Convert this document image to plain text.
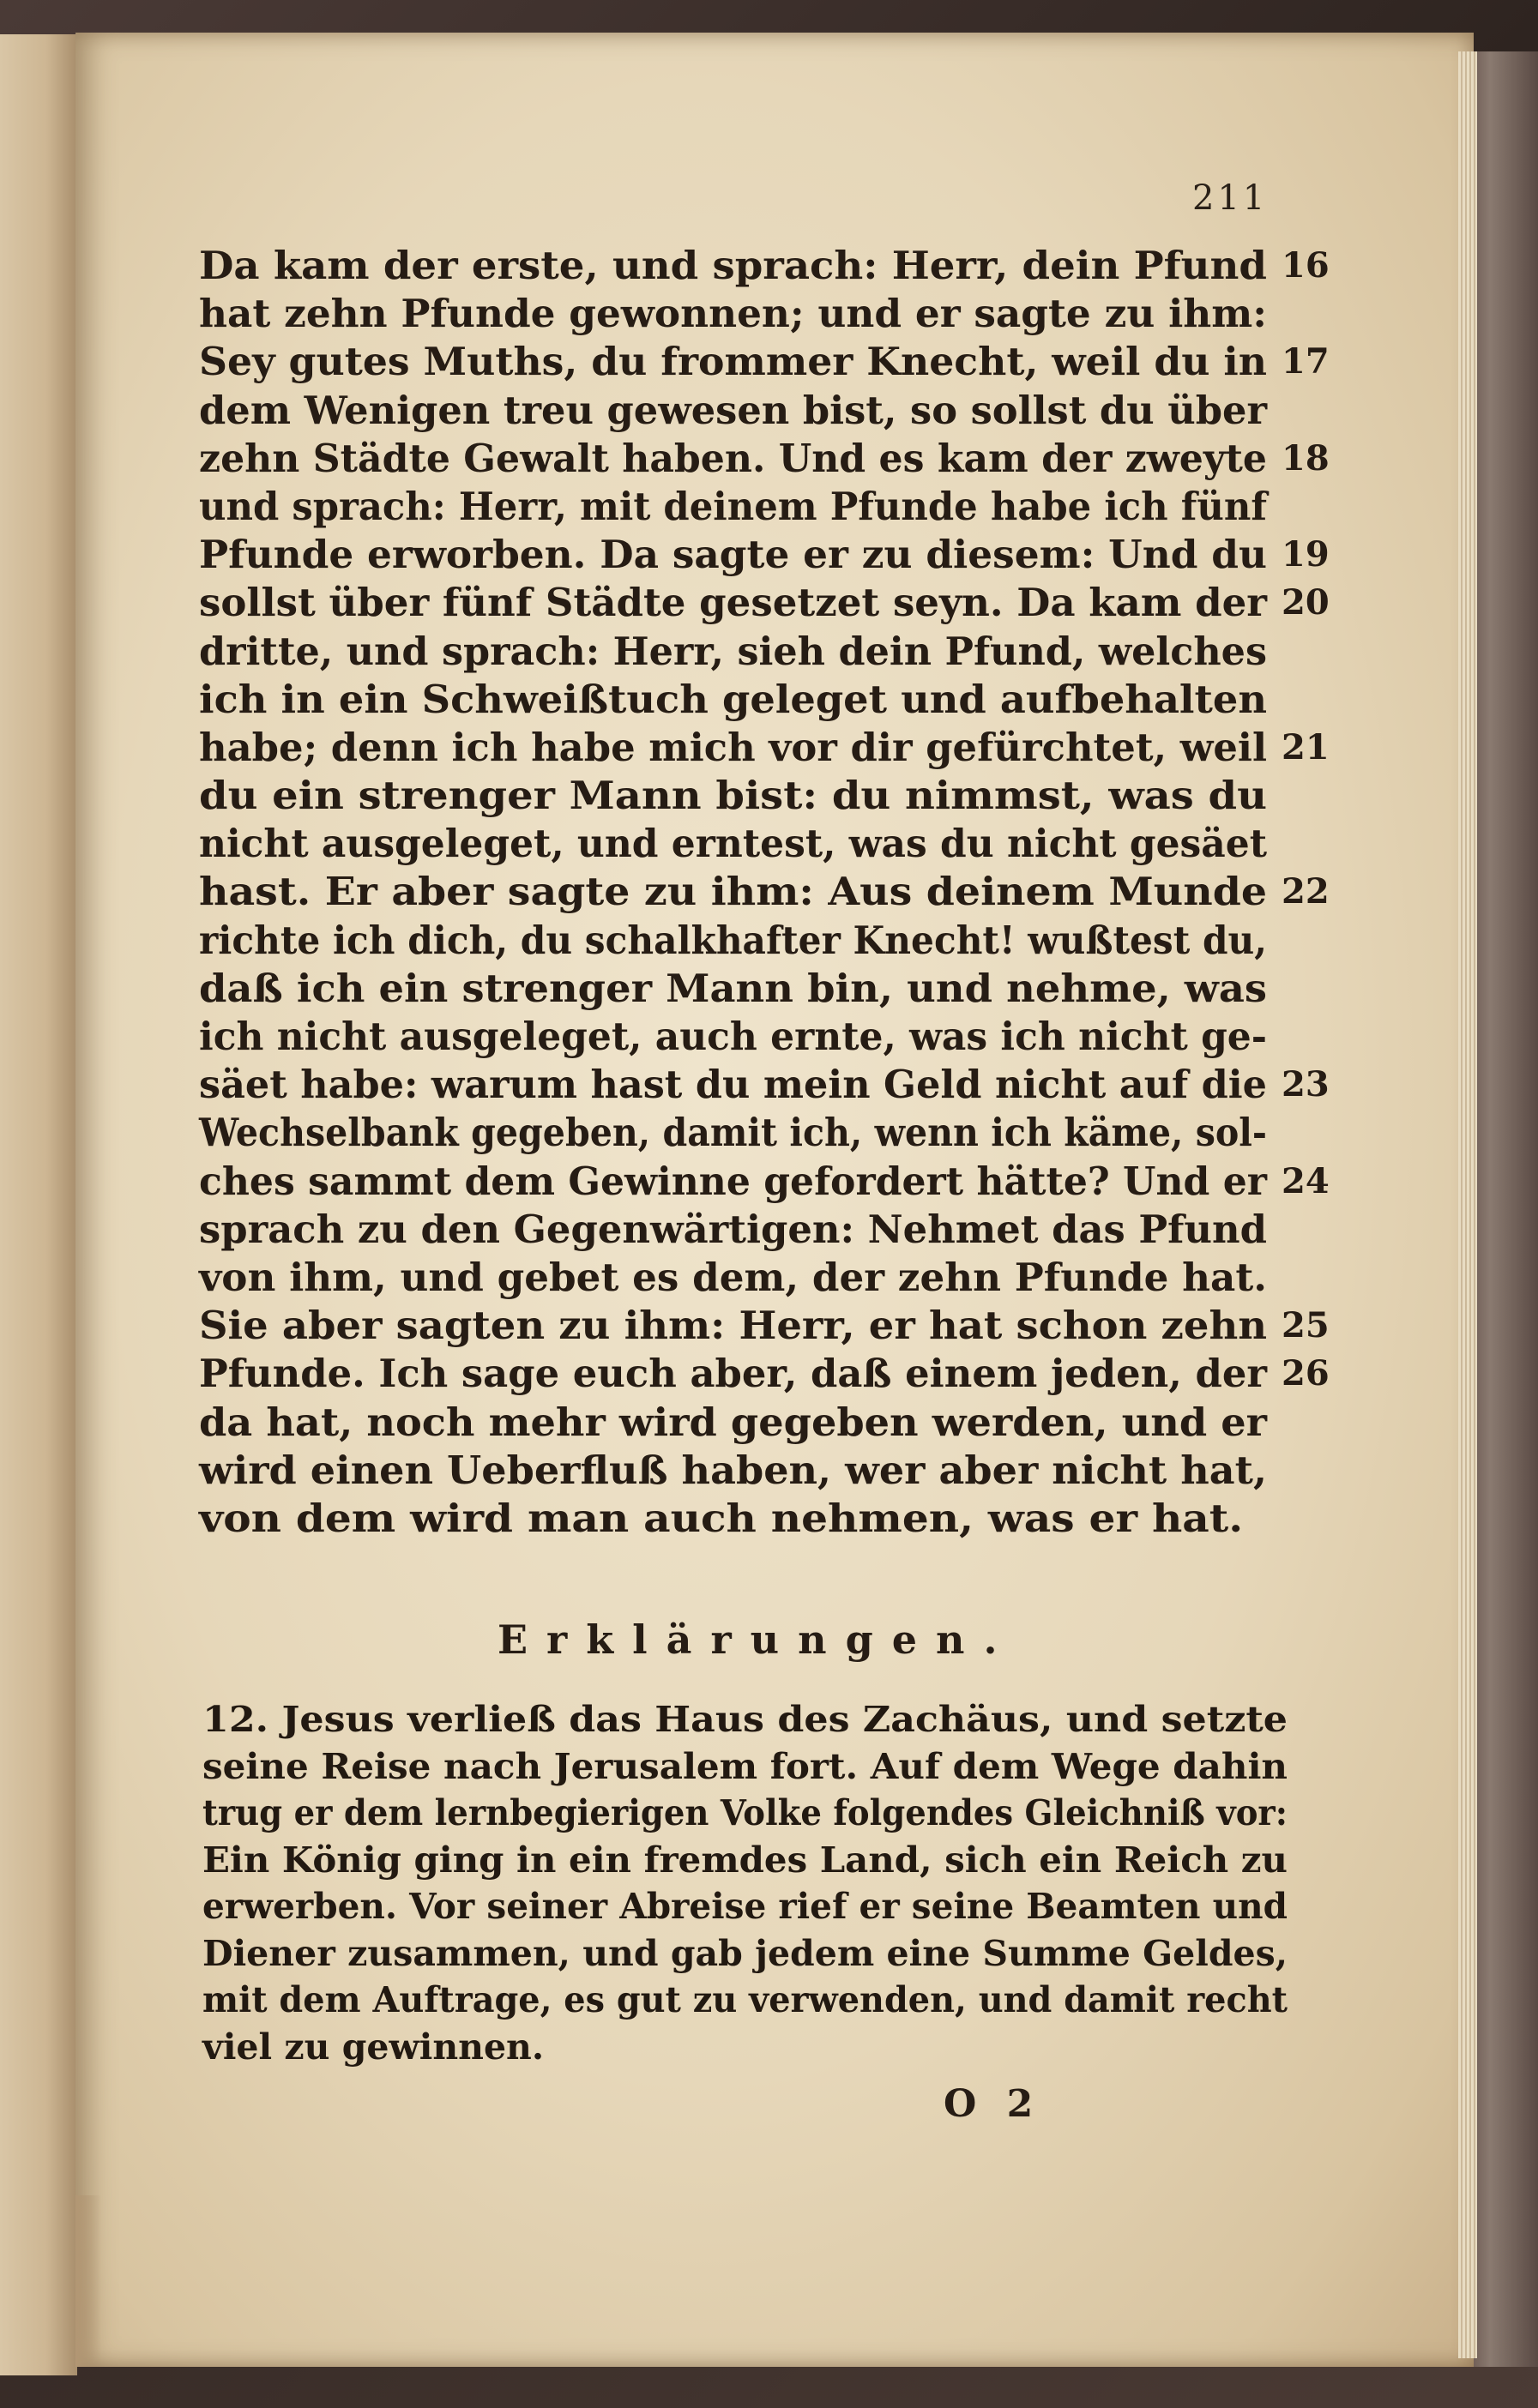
211
Da kam der erste, und sprach: Herr, dein Pfund 16
hat zehn Pfunde gewonnen; und er sagte zu ihm:
Sey gutes Muths, du frommer Knecht, weil du in 17
dem Wenigen treu gewesen bist, so sollst du über
zehn Städte Gewalt haben. Und es kam der zweyte 18
und sprach: Herr, mit deinem Pfunde habe ich fünf
Pfunde erworben. Da sagte er zu diesem: Und du 19
sollst über fünf Städte gesetzet seyn. Da kam der 20
dritte, und sprach: Herr, sieh dein Pfund, welches
ich in ein Schweißtuch geleget und aufbehalten
habe; denn ich habe mich vor dir gefürchtet, weil 21
du ein strenger Mann bist: du nimmst, was du
nicht ausgeleget, und erntest, was du nicht gesäet
hast. Er aber sagte zu ihm: Aus deinem Munde 22
richte ich dich, du schalkhafter Knecht! wußtest du,
daß ich ein strenger Mann bin, und nehme, was
ich nicht ausgeleget, auch ernte, was ich nicht ge-
säet habe: warum hast du mein Geld nicht auf die 23
Wechselbank gegeben, damit ich, wenn ich käme, sol-
ches sammt dem Gewinne gefordert hätte? Und er 24
sprach zu den Gegenwärtigen: Nehmet das Pfund
von ihm, und gebet es dem, der zehn Pfunde hat.
Sie aber sagten zu ihm: Herr, er hat schon zehn 25
Pfunde. Ich sage euch aber, daß einem jeden, der 26
da hat, noch mehr wird gegeben werden, und er
wird einen Ueberfluß haben, wer aber nicht hat,
von dem wird man auch nehmen, was er hat.
Erklärungen.
12. Jesus verließ das Haus des Zachäus, und setzte
seine Reise nach Jerusalem fort. Auf dem Wege dahin
trug er dem lernbegierigen Volke folgendes Gleichniß vor:
Ein König ging in ein fremdes Land, sich ein Reich zu
erwerben. Vor seiner Abreise rief er seine Beamten und
Diener zusammen, und gab jedem eine Summe Geldes,
mit dem Auftrage, es gut zu verwenden, und damit recht
viel zu gewinnen.
O 2
